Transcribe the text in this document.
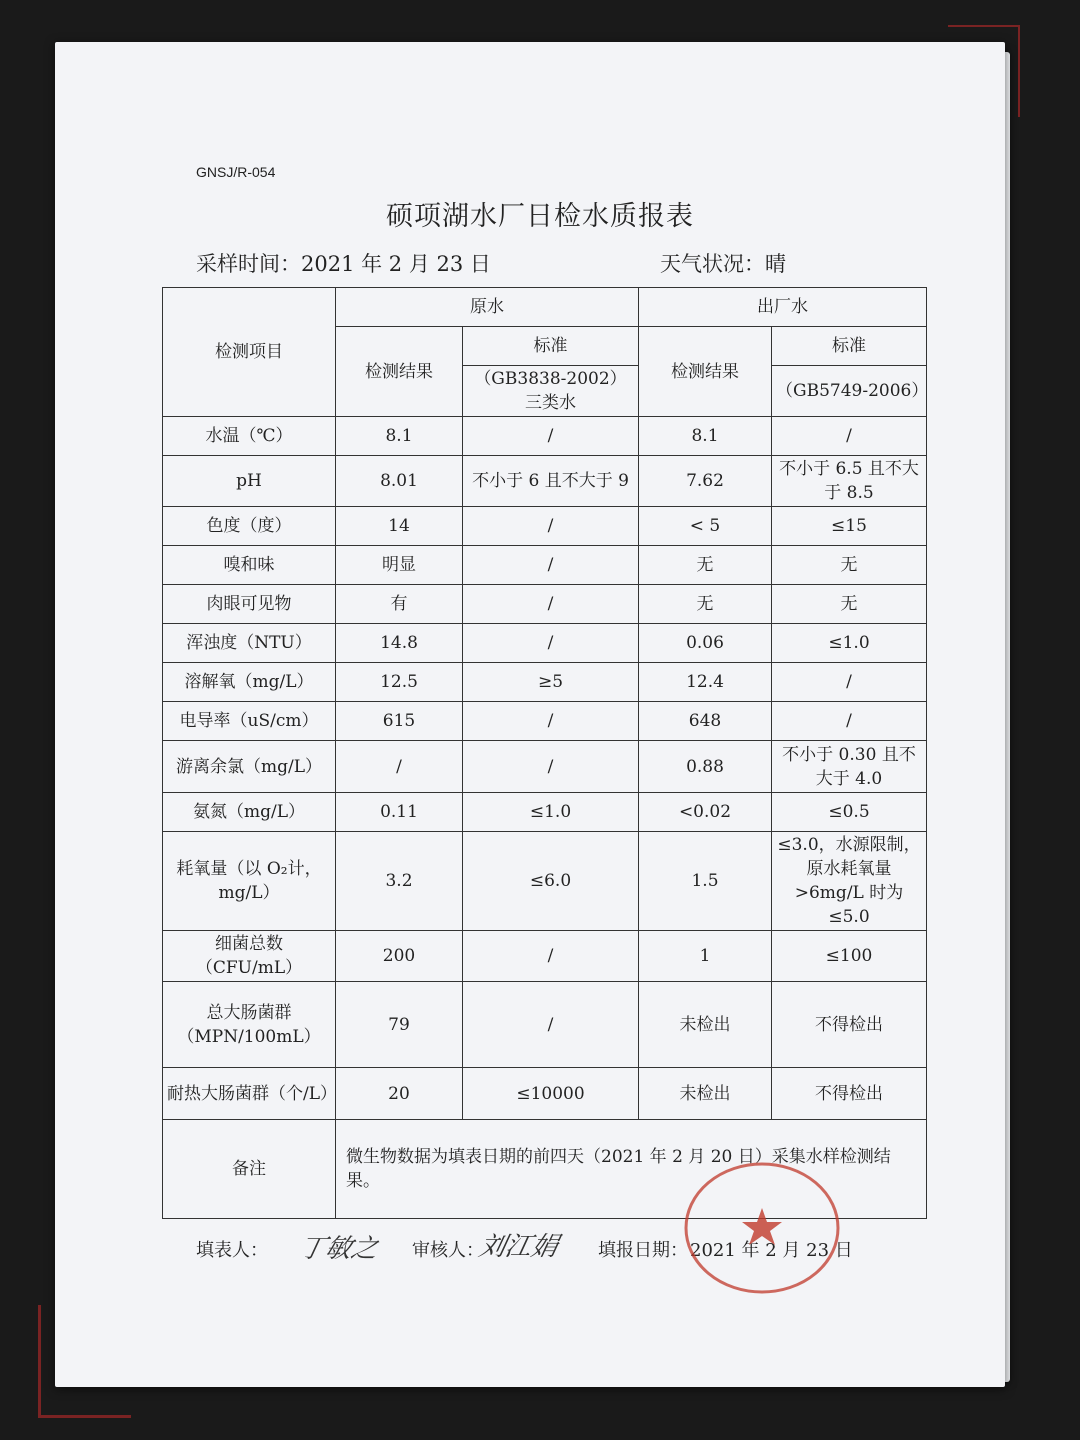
GNSJ/R-054
硕项湖水厂日检水质报表
采样时间：2021 年 2 月 23 日	天气状况：晴
检测项目	原水		出厂水	
	检测结果	标准	检测结果	标准
		（GB3838-2002）三类水		（GB5749-2006）
水温（℃）	8.1	/	8.1	/
pH	8.01	不小于 6 且不大于 9	7.62	不小于 6.5 且不大于 8.5
色度（度）	14	/	< 5	≤15
嗅和味	明显	/	无	无
肉眼可见物	有	/	无	无
浑浊度（NTU）	14.8	/	0.06	≤1.0
溶解氧（mg/L）	12.5	≥5	12.4	/
电导率（uS/cm）	615	/	648	/
游离余氯（mg/L）	/	/	0.88	不小于 0.30 且不大于 4.0
氨氮（mg/L）	0.11	≤1.0	<0.02	≤0.5
耗氧量（以 O₂计，mg/L）	3.2	≤6.0	1.5	≤3.0，水源限制，原水耗氧量>6mg/L 时为≤5.0
细菌总数（CFU/mL）	200	/	1	≤100
总大肠菌群（MPN/100mL）	79	/	未检出	不得检出
耐热大肠菌群（个/L）	20	≤10000	未检出	不得检出
备注	微生物数据为填表日期的前四天（2021 年 2 月 20 日）采集水样检测结果。			
填表人： 丁敏之 审核人：
刘江娟 填报日期： 2021 年 2 月 23 日
